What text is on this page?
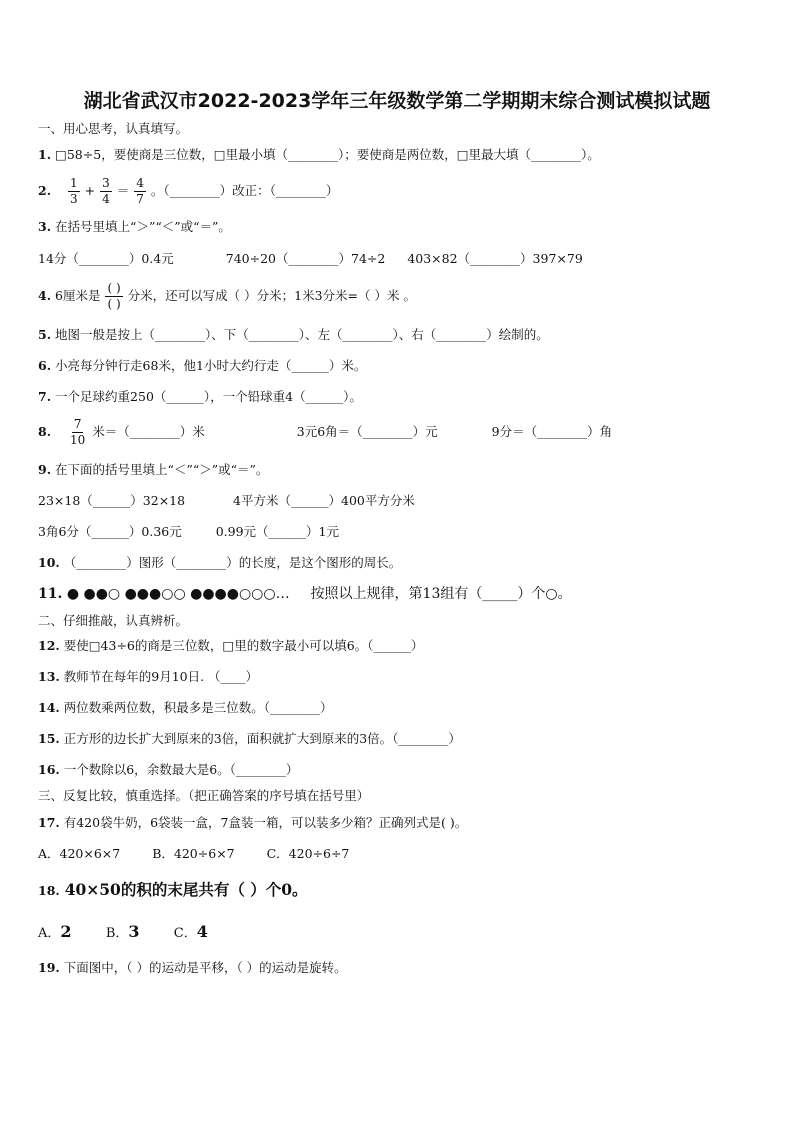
湖北省武汉市2022-2023学年三年级数学第二学期期末综合测试模拟试题
一、用心思考，认真填写。
1. □58÷5，要使商是三位数，□里最小填（________）；要使商是两位数，□里最大填（________）。
2. $\frac{1}{3} + \frac{3}{4} = \frac{4}{7}$ 。（________）改正：（________）
3. 在括号里填上“＞”“＜”或“＝”。
14分（________）0.4元	740÷20（________）74÷2 403×82（________）397×79
4. 6厘米是 $\frac{( )}{( )}$ 分米，还可以写成（ ）分米；1米3分米=（ ）米 。
5. 地图一般是按上（________）、下（________）、左（________）、右（________）绘制的。
6. 小亮每分钟行走68米，他1小时大约行走（______）米。
7. 一个足球约重250（______），一个铅球重4（______）。
8. $\frac{7}{10}$ 米＝（________）米	3元6角＝（________）元	9分＝（________）角
9. 在下面的括号里填上“＜”“＞”或“＝”。
23×18（______）32×18	4平方米（______）400平方分米
3角6分（______）0.36元	0.99元（______）1元
10. （________）图形（________）的长度，是这个图形的周长。
11. ● ●●○ ●●●○○ ●●●●○○○… 按照以上规律，第13组有（_____）个○。
二、仔细推敲，认真辨析。
12. 要使□43÷6的商是三位数，□里的数字最小可以填6。（______）
13. 教师节在每年的9月10日. （____）
14. 两位数乘两位数，积最多是三位数。（________）
15. 正方形的边长扩大到原来的3倍，面积就扩大到原来的3倍。（________）
16. 一个数除以6，余数最大是6。（________）
三、反复比较，慎重选择。（把正确答案的序号填在括号里）
17. 有420袋牛奶，6袋装一盒，7盒装一箱，可以装多少箱？正确列式是( )。
A．420×6×7	B．420÷6×7	C．420÷6÷7
18. 40×50的积的末尾共有（ ）个0。
A．2	B．3	C．4
19. 下面图中，（ ）的运动是平移，（ ）的运动是旋转。
